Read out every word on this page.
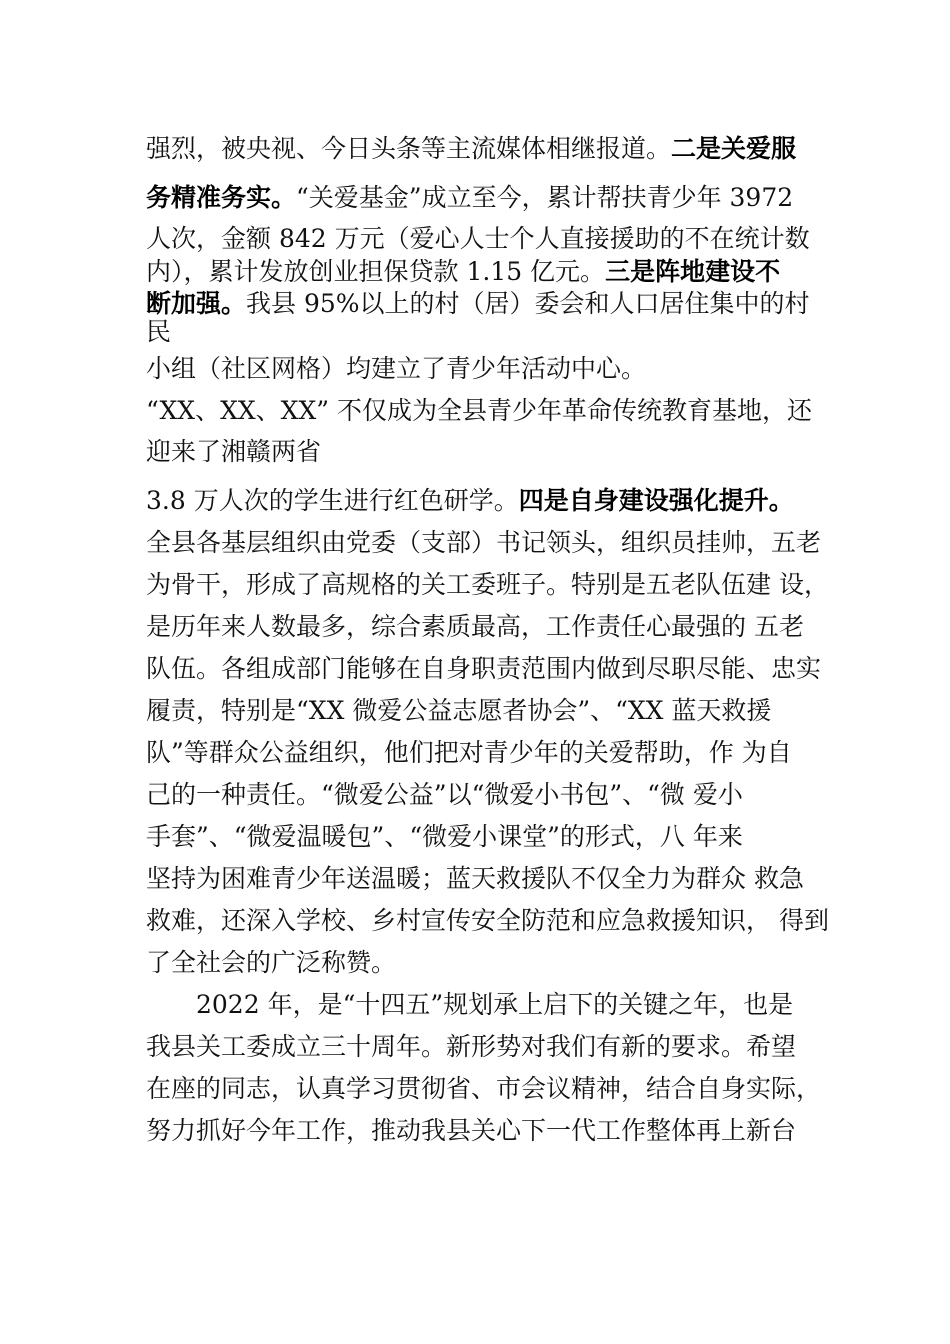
强烈，被央视、今日头条等主流媒体相继报道。二是关爱服

务精准务实。“关爱基金”成立至今，累计帮扶青少年 3972

人次，金额 842 万元（爱心人士个人直接援助的不在统计数

内），累计发放创业担保贷款 1.15 亿元。三是阵地建设不

断加强。我县 95%以上的村（居）委会和人口居住集中的村

民

小组（社区网格）均建立了青少年活动中心。

“XX、XX、XX” 不仅成为全县青少年革命传统教育基地，还

迎来了湘赣两省

3.8 万人次的学生进行红色研学。四是自身建设强化提升。

全县各基层组织由党委（支部）书记领头，组织员挂帅，五老

为骨干，形成了高规格的关工委班子。特别是五老队伍建 设，

是历年来人数最多，综合素质最高，工作责任心最强的 五老

队伍。各组成部门能够在自身职责范围内做到尽职尽能、忠实

履责，特别是“XX 微爱公益志愿者协会”、“XX 蓝天救援

队”等群众公益组织，他们把对青少年的关爱帮助，作 为自

己的一种责任。“微爱公益”以“微爱小书包”、“微 爱小

手套”、“微爱温暖包”、“微爱小课堂”的形式，八 年来

坚持为困难青少年送温暖；蓝天救援队不仅全力为群众 救急

救难，还深入学校、乡村宣传安全防范和应急救援知识， 得到

了全社会的广泛称赞。

2022 年，是“十四五”规划承上启下的关键之年，也是

我县关工委成立三十周年。新形势对我们有新的要求。希望

在座的同志，认真学习贯彻省、市会议精神，结合自身实际，

努力抓好今年工作，推动我县关心下一代工作整体再上新台
